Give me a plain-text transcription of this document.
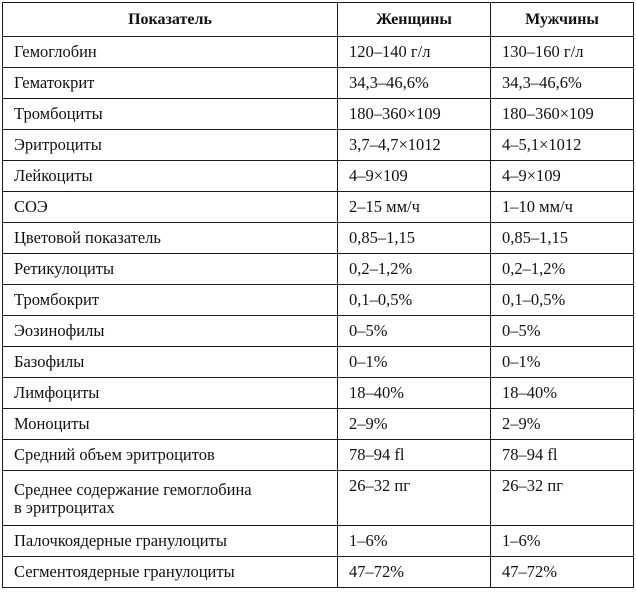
Показатель	Женщины	Мужчины
Гемоглобин	120–140 г/л	130–160 г/л
Гематокрит	34,3–46,6%	34,3–46,6%
Тромбоциты	180–360×109	180–360×109
Эритроциты	3,7–4,7×1012	4–5,1×1012
Лейкоциты	4–9×109	4–9×109
СОЭ	2–15 мм/ч	1–10 мм/ч
Цветовой показатель	0,85–1,15	0,85–1,15
Ретикулоциты	0,2–1,2%	0,2–1,2%
Тромбокрит	0,1–0,5%	0,1–0,5%
Эозинофилы	0–5%	0–5%
Базофилы	0–1%	0–1%
Лимфоциты	18–40%	18–40%
Моноциты	2–9%	2–9%
Средний объем эритроцитов	78–94 fl	78–94 fl

Среднее содержание гемоглобина
в эритроцитах	26–32 пг	26–32 пг
Палочкоядерные гранулоциты	1–6%	1–6%
Сегментоядерные гранулоциты	47–72%	47–72%
